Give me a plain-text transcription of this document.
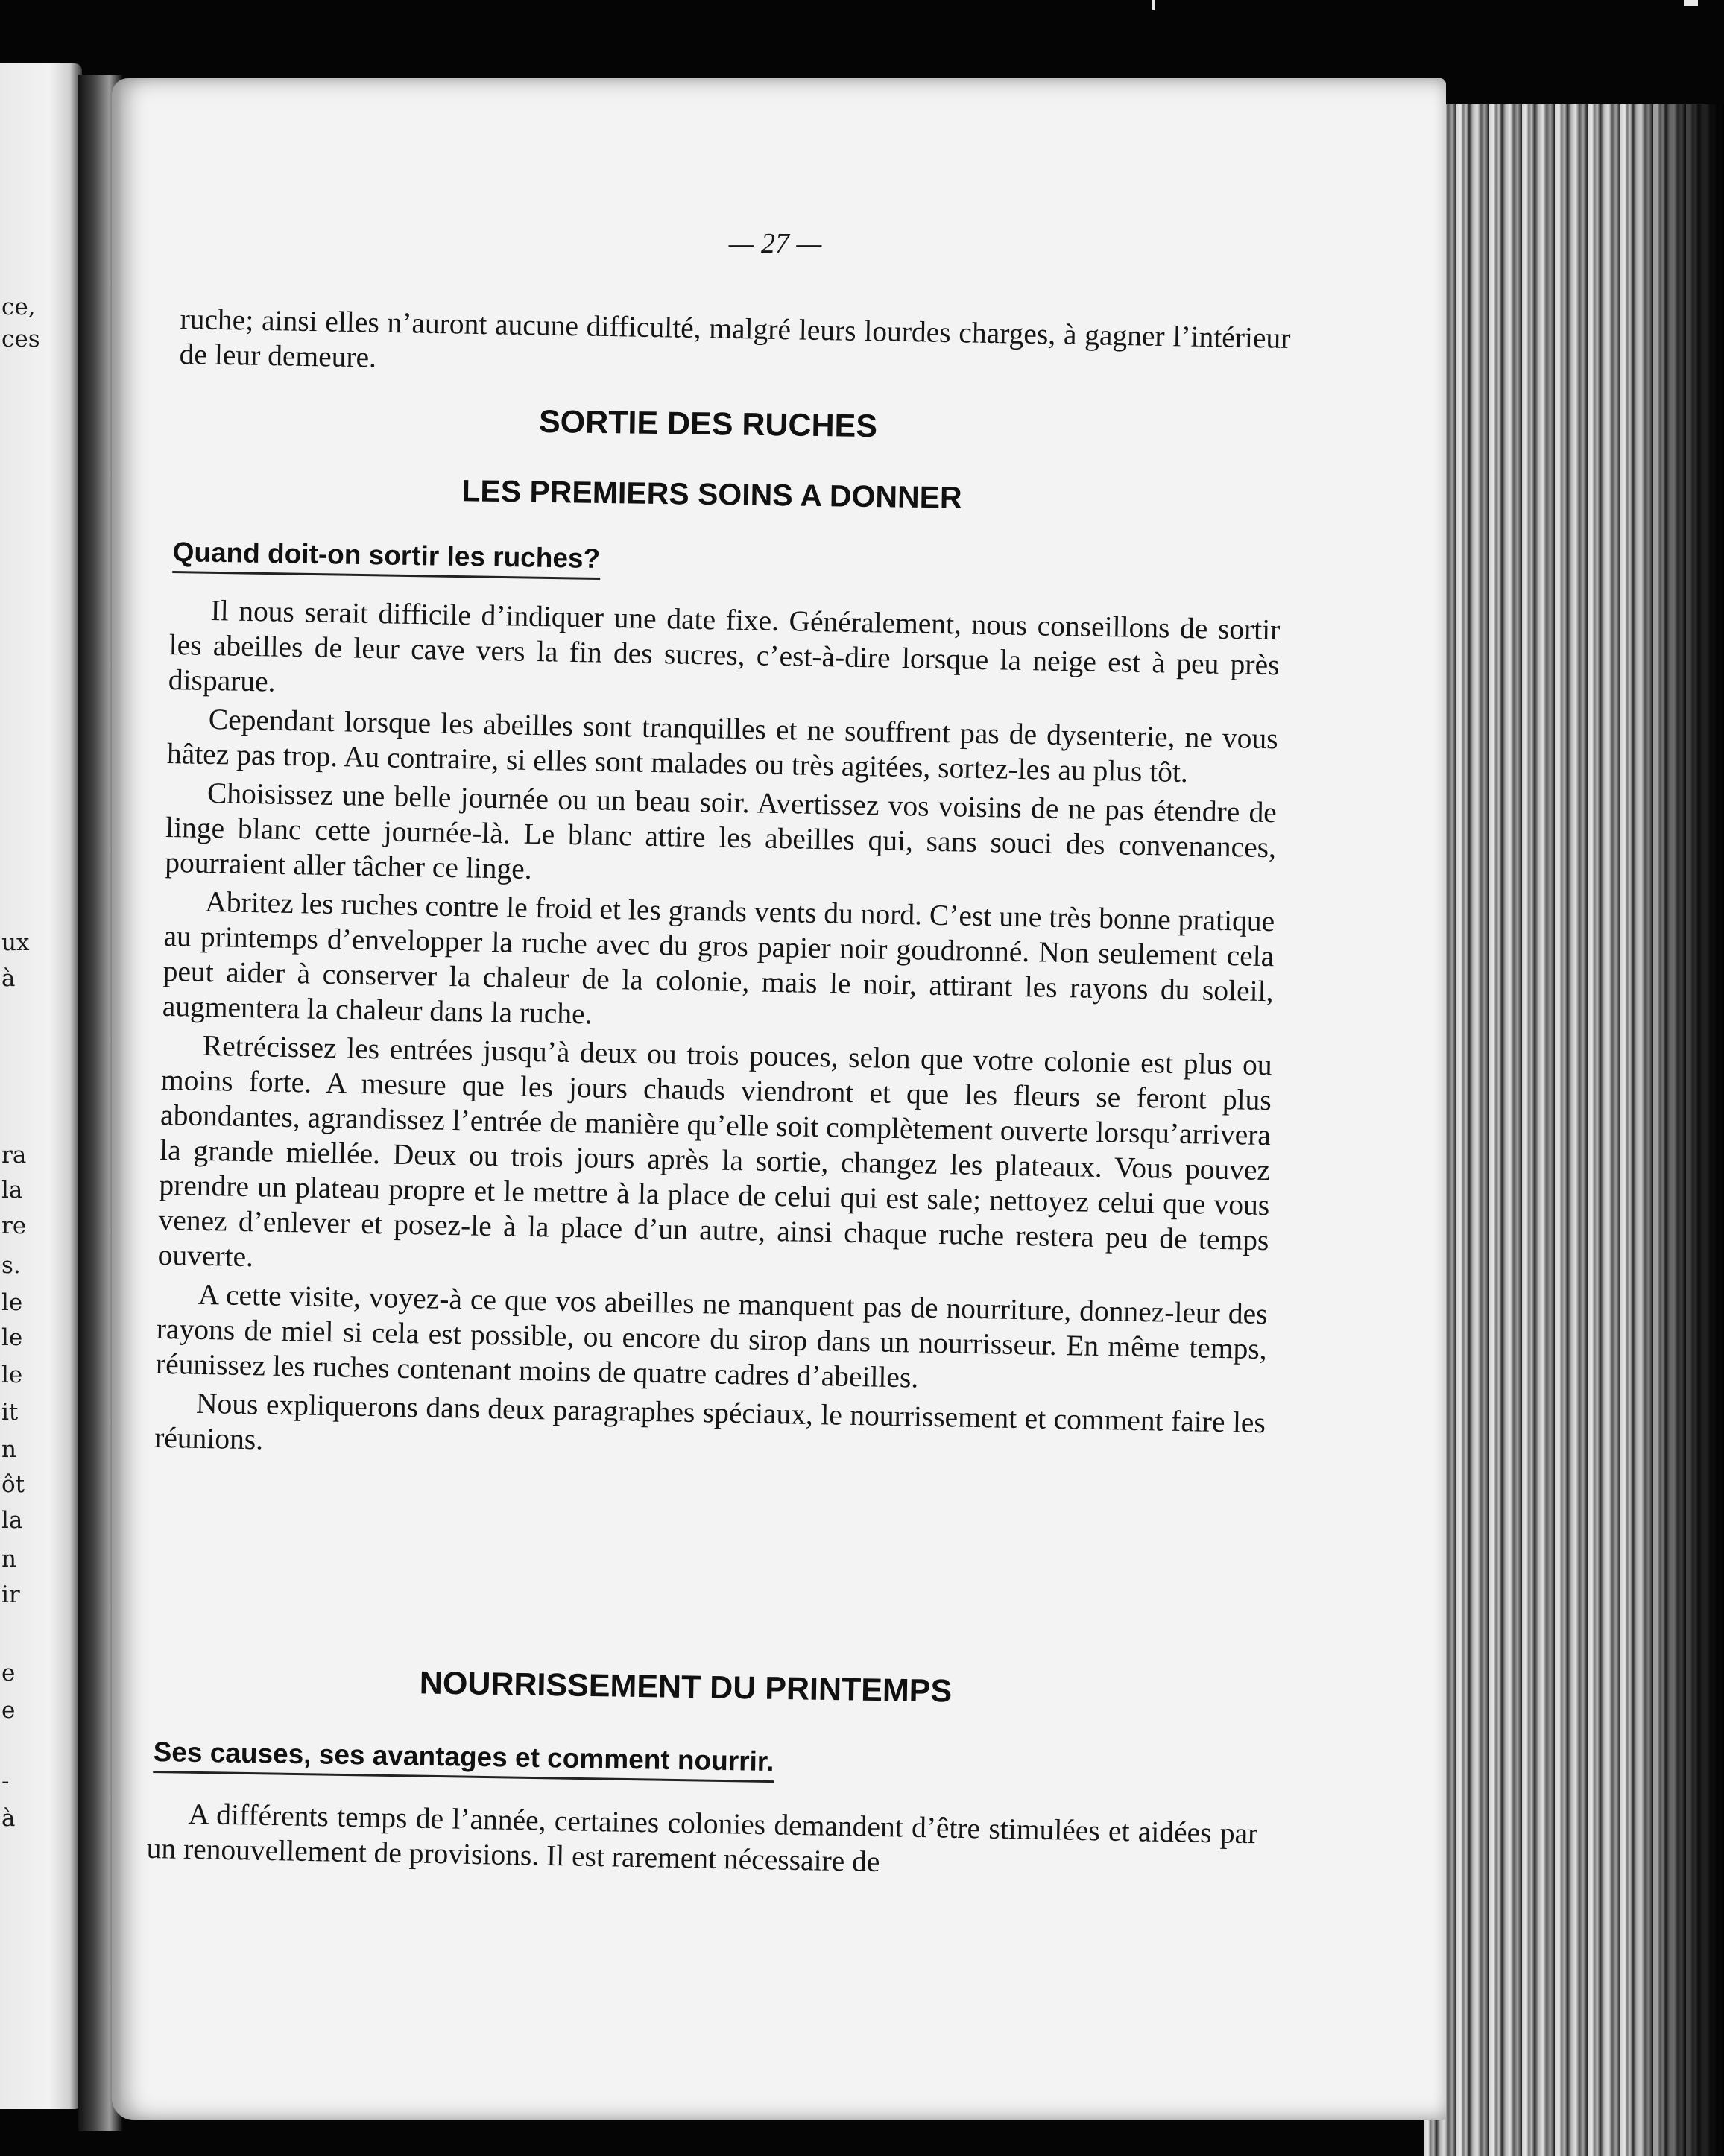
ce,
ces
ux
à
ra
la
re
s.
le
le
le
it
n
ôt
la
n
ir
e
e
-
à
— 27 —

ruche; ainsi elles n’auront aucune difficulté, malgré leurs lourdes charges, à gagner l’intérieur de leur demeure.

SORTIE DES RUCHES
LES PREMIERS SOINS A DONNER
Quand doit-on sortir les ruches?

Il nous serait difficile d’indiquer une date fixe. Généralement, nous conseillons de sortir les abeilles de leur cave vers la fin des sucres, c’est-à-dire lorsque la neige est à peu près disparue.

Cependant lorsque les abeilles sont tranquilles et ne souffrent pas de dysenterie, ne vous hâtez pas trop. Au contraire, si elles sont malades ou très agitées, sortez-les au plus tôt.

Choisissez une belle journée ou un beau soir. Avertissez vos voisins de ne pas étendre de linge blanc cette journée-là. Le blanc attire les abeilles qui, sans souci des convenances, pourraient aller tâcher ce linge.

Abritez les ruches contre le froid et les grands vents du nord. C’est une très bonne pratique au printemps d’envelopper la ruche avec du gros papier noir goudronné. Non seulement cela peut aider à conserver la chaleur de la colonie, mais le noir, attirant les rayons du soleil, augmentera la chaleur dans la ruche.

Retrécissez les entrées jusqu’à deux ou trois pouces, selon que votre colonie est plus ou moins forte. A mesure que les jours chauds viendront et que les fleurs se feront plus abondantes, agrandissez l’entrée de manière qu’elle soit complètement ouverte lorsqu’arrivera la grande miellée. Deux ou trois jours après la sortie, changez les plateaux. Vous pouvez prendre un plateau propre et le mettre à la place de celui qui est sale; nettoyez celui que vous venez d’enlever et posez-le à la place d’un autre, ainsi chaque ruche restera peu de temps ouverte.

A cette visite, voyez-à ce que vos abeilles ne manquent pas de nourriture, donnez-leur des rayons de miel si cela est possible, ou encore du sirop dans un nourrisseur. En même temps, réunissez les ruches contenant moins de quatre cadres d’abeilles.

Nous expliquerons dans deux paragraphes spéciaux, le nourrissement et comment faire les réunions.

NOURRISSEMENT DU PRINTEMPS
Ses causes, ses avantages et comment nourrir.

A différents temps de l’année, certaines colonies demandent d’être stimulées et aidées par un renouvellement de provisions. Il est rarement nécessaire de
